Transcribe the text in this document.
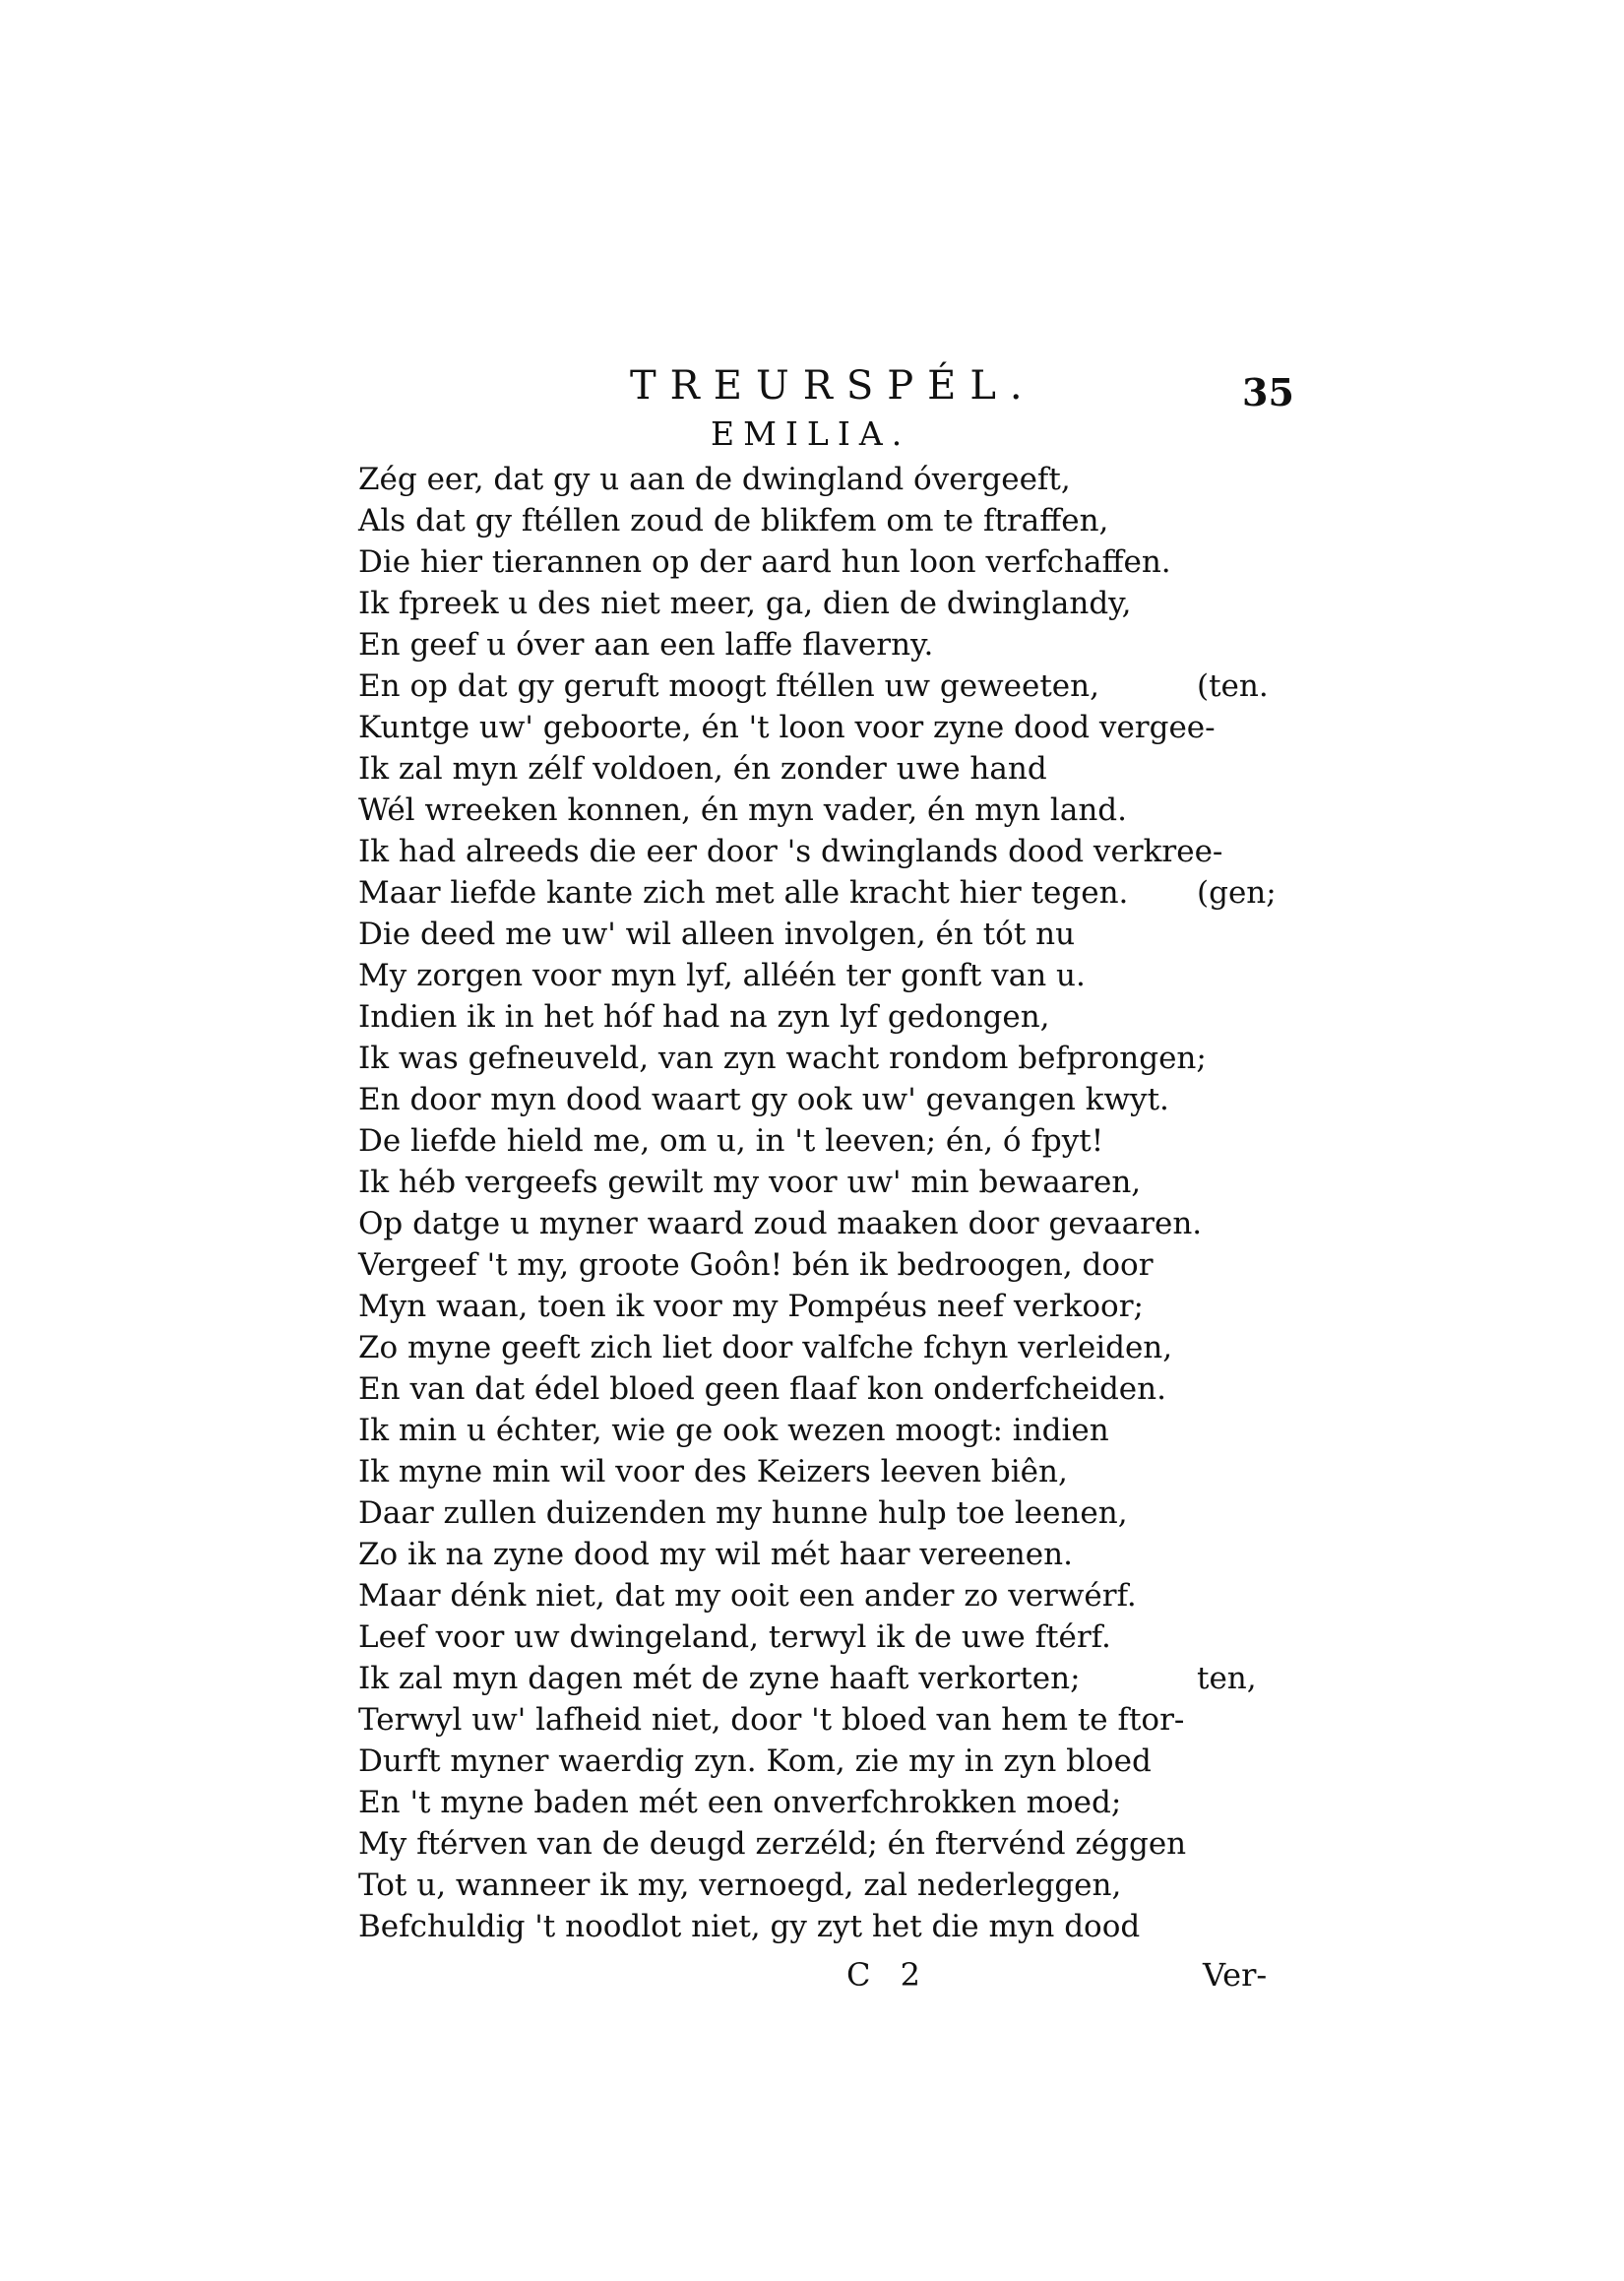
TREURSPÉL.	35
EMILIA.
Zég eer, dat gy u aan de dwingland óvergeeft,
Als dat gy ftéllen zoud de blikfem om te ftraffen,
Die hier tierannen op der aard hun loon verfchaffen.
Ik fpreek u des niet meer, ga, dien de dwinglandy,
En geef u óver aan een laffe flaverny.
En op dat gy geruft moogt ftéllen uw geweeten,
Kuntge uw' geboorte, én 't loon voor zyne dood vergee-
Ik zal myn zélf voldoen, én zonder uwe hand
Wél wreeken konnen, én myn vader, én myn land.
Ik had alreeds die eer door 's dwinglands dood verkree-
Maar liefde kante zich met alle kracht hier tegen.
Die deed me uw' wil alleen involgen, én tót nu
My zorgen voor myn lyf, alléén ter gonft van u.
Indien ik in het hóf had na zyn lyf gedongen,
Ik was gefneuveld, van zyn wacht rondom befprongen;
En door myn dood waart gy ook uw' gevangen kwyt.
De liefde hield me, om u, in 't leeven; én, ó fpyt!
Ik héb vergeefs gewilt my voor uw' min bewaaren,
Op datge u myner waard zoud maaken door gevaaren.
Vergeef 't my, groote Goôn! bén ik bedroogen, door
Myn waan, toen ik voor my Pompéus neef verkoor;
Zo myne geeft zich liet door valfche fchyn verleiden,
En van dat édel bloed geen flaaf kon onderfcheiden.
Ik min u échter, wie ge ook wezen moogt: indien
Ik myne min wil voor des Keizers leeven biên,
Daar zullen duizenden my hunne hulp toe leenen,
Zo ik na zyne dood my wil mét haar vereenen.
Maar dénk niet, dat my ooit een ander zo verwérf.
Leef voor uw dwingeland, terwyl ik de uwe ftérf.
Ik zal myn dagen mét de zyne haaft verkorten;
Terwyl uw' lafheid niet, door 't bloed van hem te ftor-
Durft myner waerdig zyn. Kom, zie my in zyn bloed
En 't myne baden mét een onverfchrokken moed;
My ftérven van de deugd zerzéld; én ftervénd zéggen
Tot u, wanneer ik my, vernoegd, zal nederleggen,
Befchuldig 't noodlot niet, gy zyt het die myn dood
(ten.
(gen;
ten,
C 2	Ver-
